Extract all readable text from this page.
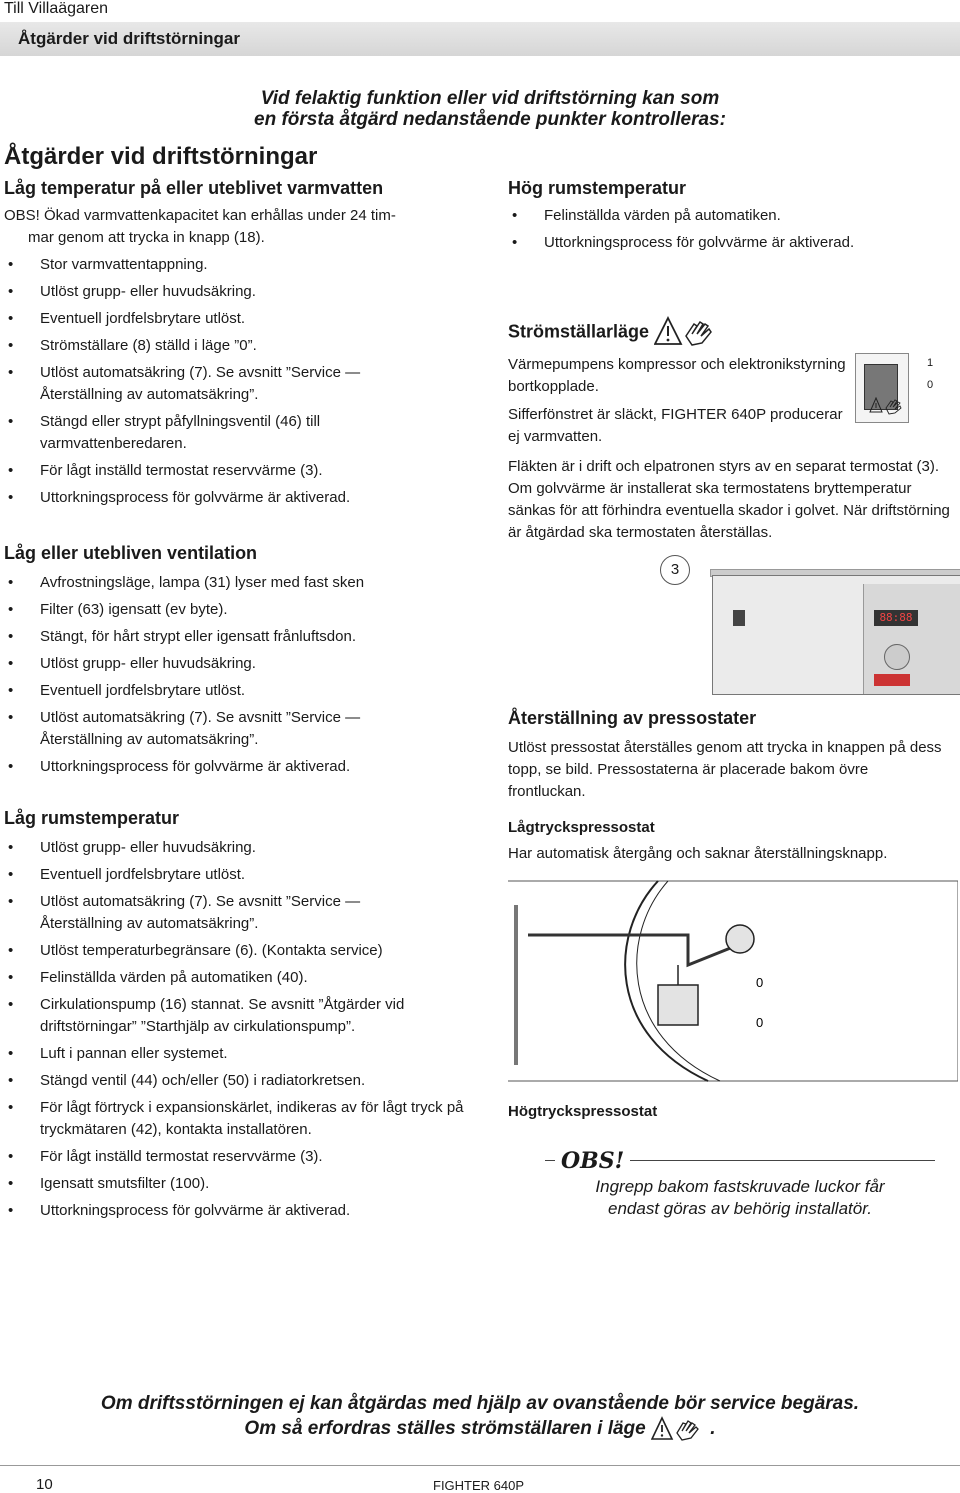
Till Villaägaren
Åtgärder vid driftstörningar
Vid felaktig funktion eller vid driftstörning kan som
en första åtgärd nedanstående punkter kontrolleras:
Åtgärder vid driftstörningar
Låg temperatur på eller uteblivet varmvatten
OBS! Ökad varmvattenkapacitet kan erhållas under 24 tim-
mar genom att trycka in knapp (18).
• Stor varmvattentappning.
• Utlöst grupp- eller huvudsäkring.
• Eventuell jordfelsbrytare utlöst.
• Strömställare (8) ställd i läge ”0”.
• Utlöst automatsäkring (7). Se avsnitt ”Service — Återställning av automatsäkring”.
• Stängd eller strypt påfyllningsventil (46) till varmvattenberedaren.
• För lågt inställd termostat reservvärme (3).
• Uttorkningsprocess för golvvärme är aktiverad.
Låg eller utebliven ventilation
• Avfrostningsläge, lampa (31) lyser med fast sken
• Filter (63) igensatt (ev byte).
• Stängt, för hårt strypt eller igensatt frånluftsdon.
• Utlöst grupp- eller huvudsäkring.
• Eventuell jordfelsbrytare utlöst.
• Utlöst automatsäkring (7). Se avsnitt ”Service — Återställning av automatsäkring”.
• Uttorkningsprocess för golvvärme är aktiverad.
Låg rumstemperatur
• Utlöst grupp- eller huvudsäkring.
• Eventuell jordfelsbrytare utlöst.
• Utlöst automatsäkring (7). Se avsnitt ”Service — Återställning av automatsäkring”.
• Utlöst temperaturbegränsare (6). (Kontakta service)
• Felinställda värden på automatiken (40).
• Cirkulationspump (16) stannat. Se avsnitt ”Åtgärder vid driftstörningar” ”Starthjälp av cirkulationspump”.
• Luft i pannan eller systemet.
• Stängd ventil (44) och/eller (50) i radiatorkretsen.
• För lågt förtryck i expansionskärlet, indikeras av för lågt tryck på tryckmätaren (42), kontakta installatören.
• För lågt inställd termostat reservvärme (3).
• Igensatt smutsfilter (100).
• Uttorkningsprocess för golvvärme är aktiverad.
Hög rumstemperatur
• Felinställda värden på automatiken.
• Uttorkningsprocess för golvvärme är aktiverad.
Strömställarläge
Värmepumpens kompressor och elektronikstyrning bortkopplade.
Sifferfönstret är släckt, FIGHTER 640P producerar ej varmvatten.
Fläkten är i drift och elpatronen styrs av en separat termostat (3). Om golvvärme är installerat ska termostatens bryttemperatur sänkas för att förhindra eventuella skador i golvet. När driftstörning är åtgärdad ska termostaten återställas.
1
0
3
88:88
Återställning av pressostater
Utlöst pressostat återställes genom att trycka in knappen på dess topp, se bild. Pressostaterna är placerade bakom övre frontluckan.
Lågtryckspressostat
Har automatisk återgång och saknar återställningsknapp.
0
0
Högtryckspressostat
OBS!
Ingrepp bakom fastskruvade luckor får
endast göras av behörig installatör.
Om driftsstörningen ej kan åtgärdas med hjälp av ovanstående bör service begäras.
Om så erfordras ställes strömställaren i läge	.
10	FIGHTER 640P
